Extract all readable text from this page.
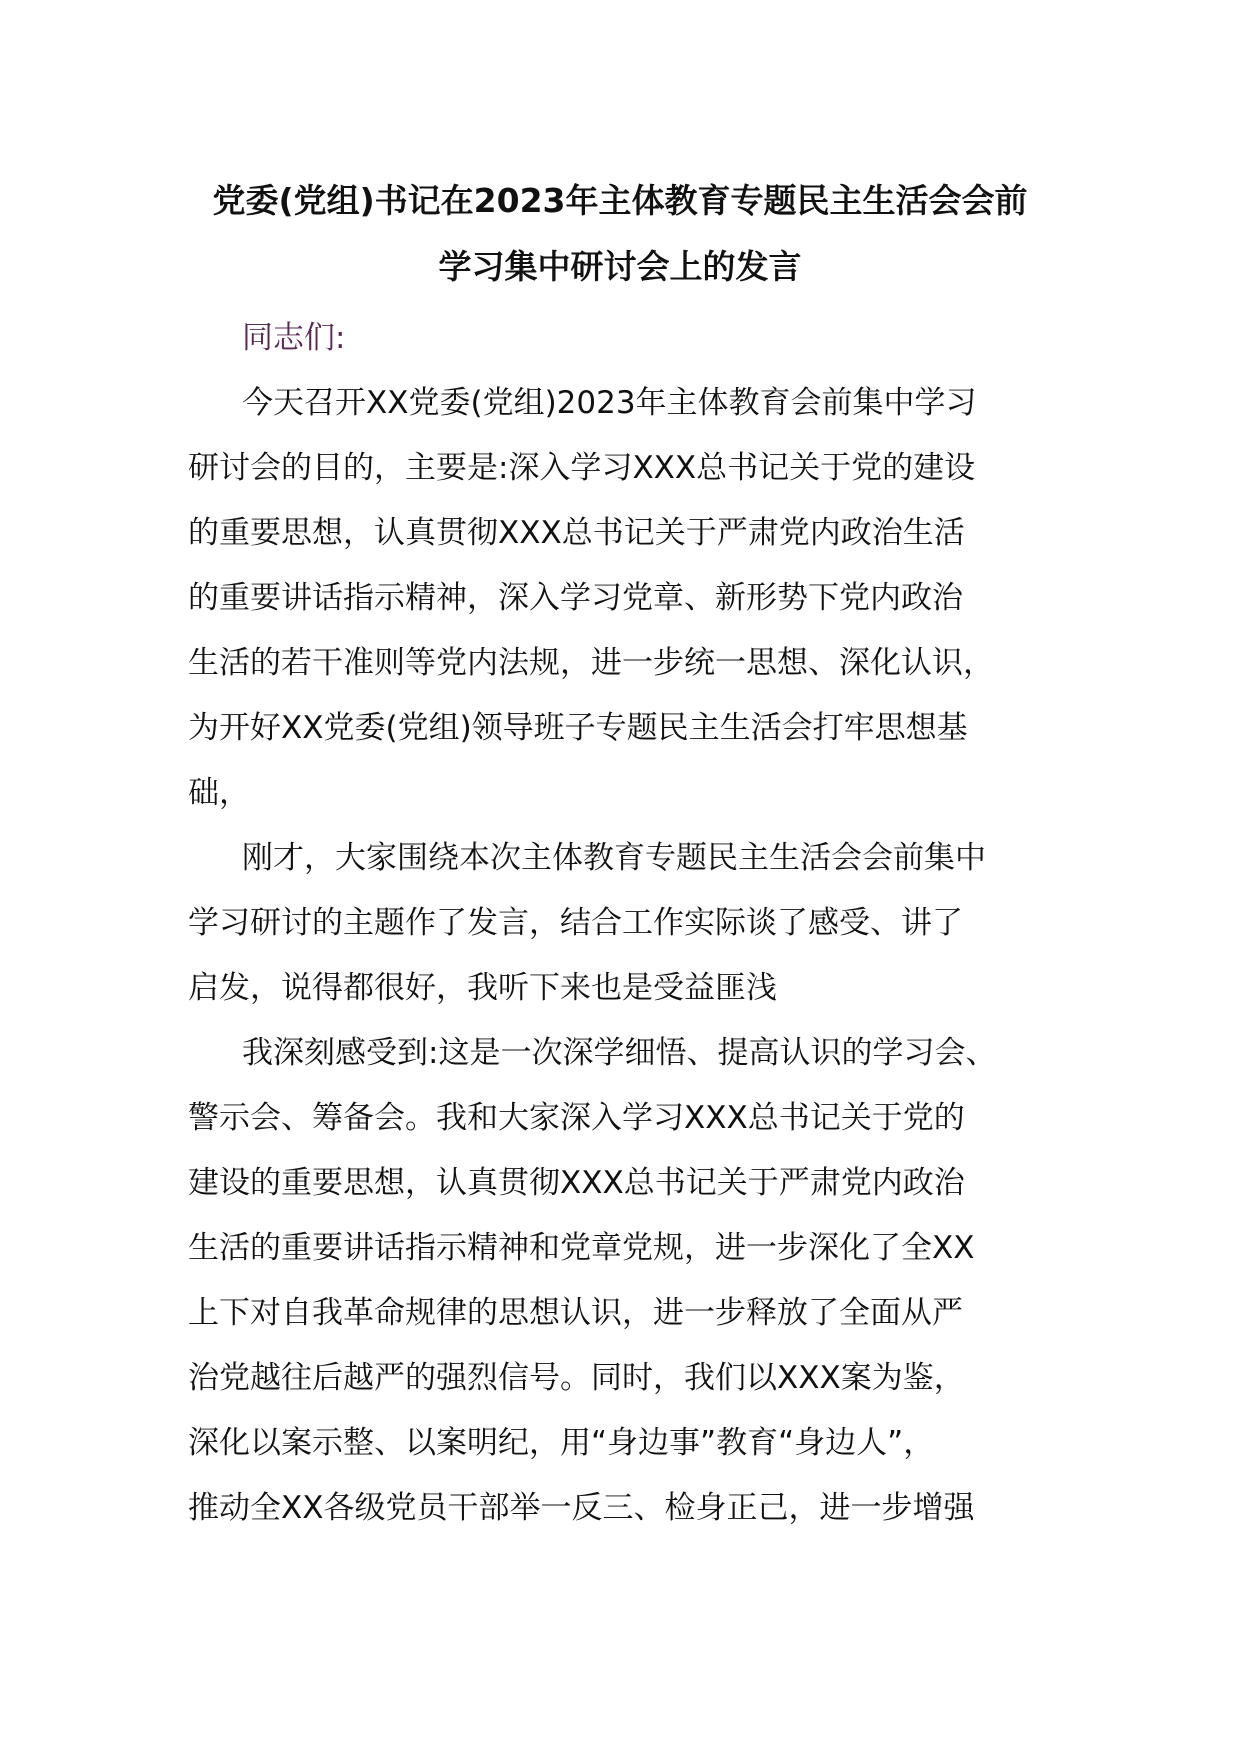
党委(党组)书记在2023年主体教育专题民主生活会会前
学习集中研讨会上的发言
同志们:
今天召开XX党委(党组)2023年主体教育会前集中学习
研讨会的目的，主要是:深入学习XXX总书记关于党的建设
的重要思想，认真贯彻XXX总书记关于严肃党内政治生活
的重要讲话指示精神，深入学习党章、新形势下党内政治
生活的若干准则等党内法规，进一步统一思想、深化认识，
为开好XX党委(党组)领导班子专题民主生活会打牢思想基
础，
刚才，大家围绕本次主体教育专题民主生活会会前集中
学习研讨的主题作了发言，结合工作实际谈了感受、讲了
启发，说得都很好，我听下来也是受益匪浅
我深刻感受到:这是一次深学细悟、提高认识的学习会、
警示会、筹备会。我和大家深入学习XXX总书记关于党的
建设的重要思想，认真贯彻XXX总书记关于严肃党内政治
生活的重要讲话指示精神和党章党规，进一步深化了全XX
上下对自我革命规律的思想认识，进一步释放了全面从严
治党越往后越严的强烈信号。同时，我们以XXX案为鉴，
深化以案示整、以案明纪，用“身边事”教育“身边人”，
推动全XX各级党员干部举一反三、检身正己，进一步增强
